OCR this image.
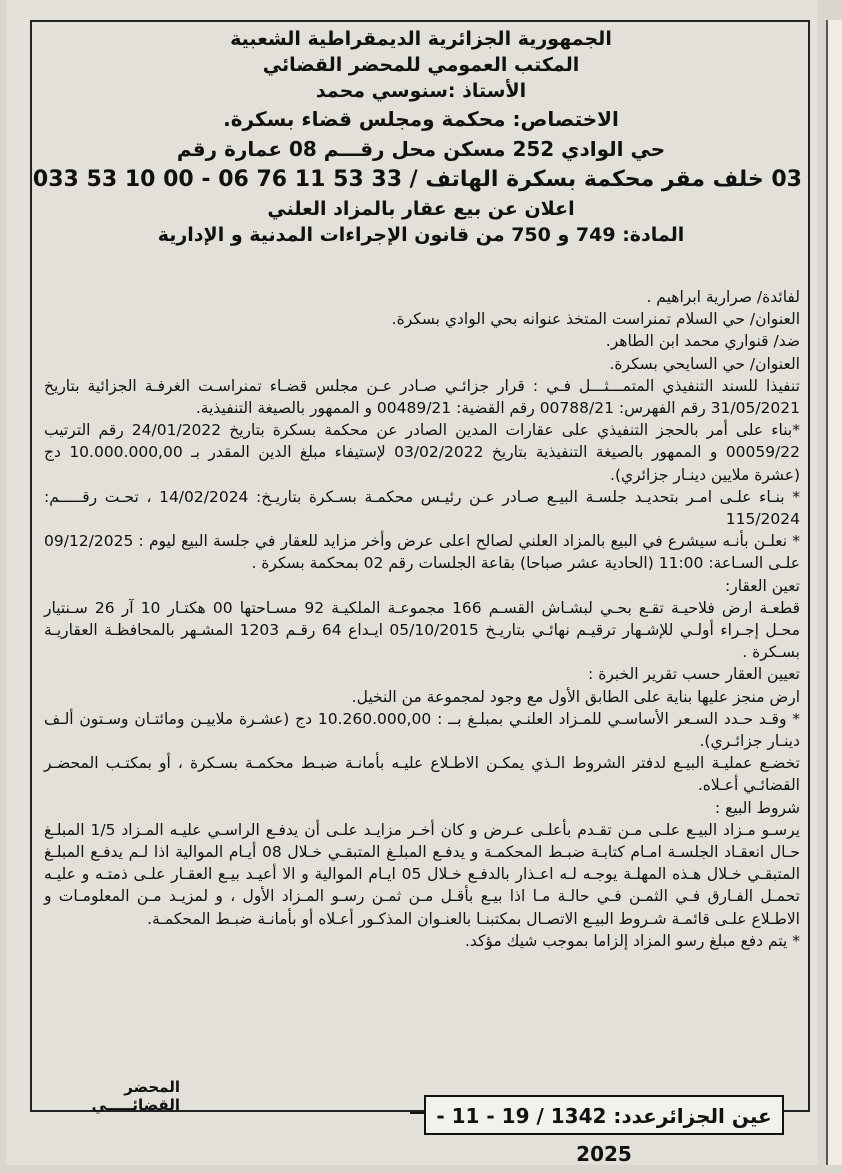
الجمهورية الجزائرية الديمقراطية الشعبية
المكتب العمومي للمحضر القضائي
الأستاذ :سنوسي محمد
الاختصاص: محكمة ومجلس قضاء بسكرة.
حي الوادي 252 مسكن محل رقـــم 08 عمارة رقم
03 خلف مقر محكمة بسكرة الهاتف / 33 53 11 76 06 - 00 10 53 033
اعلان عن بيع عقار بالمزاد العلني
المادة: 749 و 750 من قانون الإجراءات المدنية و الإدارية

لفائدة/ صرارية ابراهيم .

العنوان/ حي السلام تمنراست المتخذ عنوانه بحي الوادي بسكرة.

ضد/ قنواري محمد ابن الطاهر.

العنوان/ حي السايحي بسكرة.

تنفيذا للسند التنفيذي المتمـــثـــل فـي : قرار جزائـي صـادر عـن مجلس قضـاء تمنراسـت الغرفـة الجزائية بتاريخ 31/05/2021 رقم الفهرس: 00788/21 رقم القضية: 00489/21 و الممهور بالصيغة التنفيذية.

*بناء على أمر بالحجز التنفيذي على عقارات المدين الصادر عن محكمة بسكرة بتاريخ 24/01/2022 رقم الترتيب 00059/22 و الممهور بالصيغة التنفيذية بتاريخ 03/02/2022 لإستيفاء مبلغ الدين المقدر بـ 10.000.000,00 دج (عشرة ملايين دينـار جزائري).

* بنـاء علـى امـر بتحديـد جلسـة البيـع صـادر عـن رئيـس محكمـة بسـكرة بتاريـخ: 14/02/2024 ، تحـت رقـــــم: 115/2024

* نعلـن بأنـه سيشرع في البيع بالمزاد العلني لصالح اعلى عرض وأخر مزايد للعقار في جلسة البيع ليوم : 09/12/2025 علـى السـاعة: 11:00 (الحادية عشر صباحا) بقاعة الجلسات رقم 02 بمحكمة بسكرة .

تعين العقار:

قطعـة ارض فلاحيـة تقـع بحـي لبشـاش القسـم 166 مجموعـة الملكيـة 92 مسـاحتها 00 هكتـار 10 آر 26 سـنتيار محـل إجـراء أولـي للإشـهار ترقيـم نهائـي بتاريـخ 05/10/2015 ايـداع 64 رقـم 1203 المشـهر بالمحافظـة العقاريـة بسـكرة .

تعيين العقار حسب تقرير الخبرة :

ارض منجز عليها بناية على الطابق الأول مع وجود لمجموعة من النخيل.

* وقـد حـدد السـعر الأساسـي للمـزاد العلنـي بمبلـغ بــ : 10.260.000,00 دج (عشـرة ملاييـن ومائتـان وسـتون ألـف دينـار جزائـري).

تخضـع عمليـة البيـع لدفتر الشروط الـذي يمكـن الاطـلاع عليـه بأمانـة ضبـط محكمـة بسـكرة ، أو بمكتـب المحضـر القضائـي أعـلاه.

شروط البيع :

يرسـو مـزاد البيـع علـى مـن تقـدم بأعلـى عـرض و كان أخـر مزايـد علـى أن يدفـع الراسـي عليـه المـزاد 1/5 المبلـغ حـال انعقـاد الجلسـة امـام كتابـة ضبـط المحكمـة و يدفـع المبلـغ المتبقـي خـلال 08 أيـام الموالية اذا لـم يدفـع المبلـغ المتبقـي خـلال هـذه المهلـة يوجـه لـه اعـذار بالدفـع خـلال 05 ايـام الموالية و الا أعيـد بيـع العقـار علـى ذمتـه و عليـه تحمـل الفـارق فـي الثمـن فـي حالـة مـا اذا بيـع بأقـل مـن ثمـن رسـو المـزاد الأول ، و لمزيـد مـن المعلومـات و الاطـلاع علـى قائمـة شـروط البيـع الاتصـال بمكتبنـا بالعنـوان المذكـور أعـلاه أو بأمانـة ضبـط المحكمـة.

* يتم دفع مبلغ رسو المزاد إلزاما بموجب شيك مؤكد.

المحضر القضائـــــي	عين الجزائرعدد: 1342 / 19 - 11 - 2025
